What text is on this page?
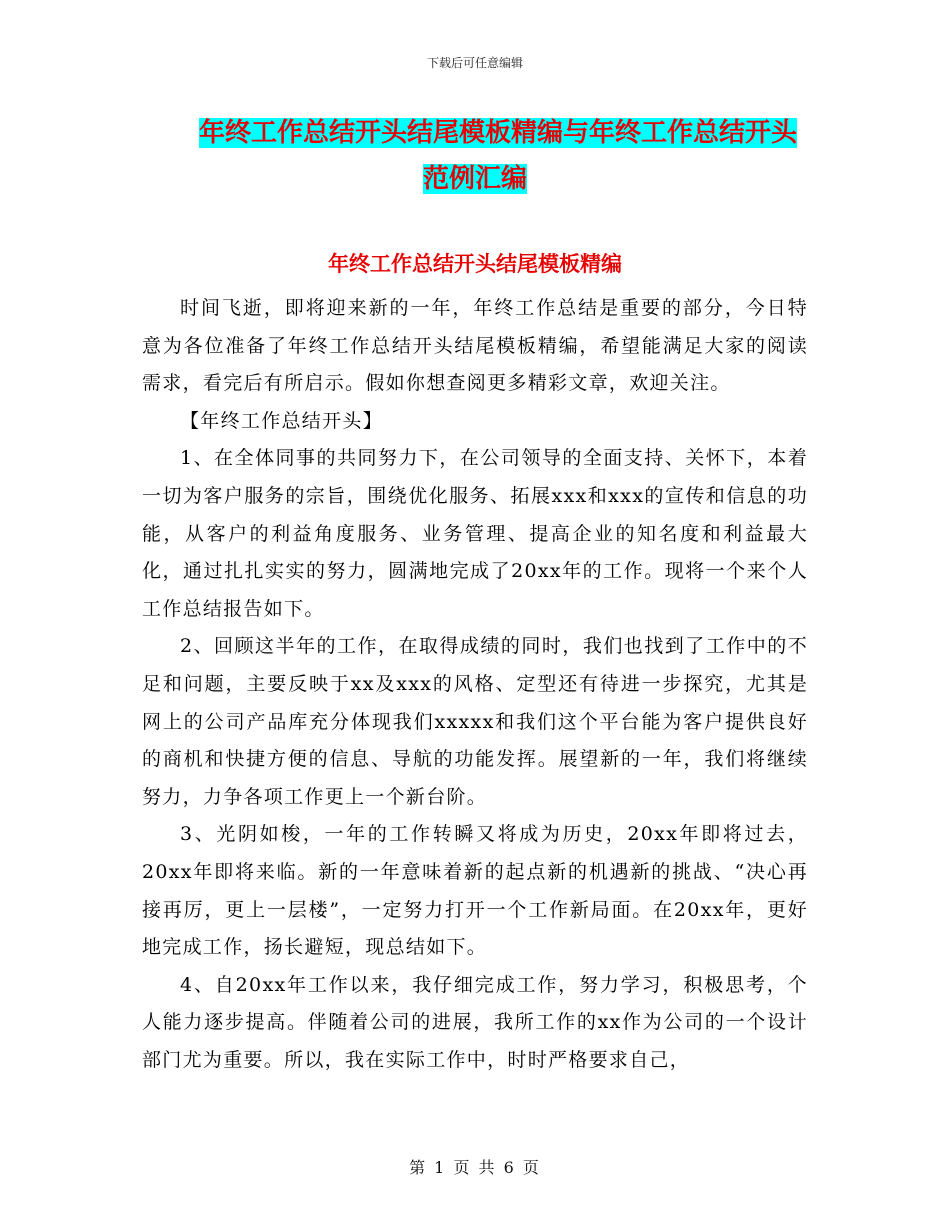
下载后可任意编辑
年终工作总结开头结尾模板精编与年终工作总结开头
范例汇编
年终工作总结开头结尾模板精编

时间飞逝，即将迎来新的一年，年终工作总结是重要的部分，今日特意为各位准备了年终工作总结开头结尾模板精编，希望能满足大家的阅读需求，看完后有所启示。假如你想查阅更多精彩文章，欢迎关注。

【年终工作总结开头】

1、在全体同事的共同努力下，在公司领导的全面支持、关怀下，本着一切为客户服务的宗旨，围绕优化服务、拓展xxx和xxx的宣传和信息的功能，从客户的利益角度服务、业务管理、提高企业的知名度和利益最大化，通过扎扎实实的努力，圆满地完成了20xx年的工作。现将一个来个人工作总结报告如下。

2、回顾这半年的工作，在取得成绩的同时，我们也找到了工作中的不足和问题，主要反映于xx及xxx的风格、定型还有待进一步探究，尤其是网上的公司产品库充分体现我们xxxxx和我们这个平台能为客户提供良好的商机和快捷方便的信息、导航的功能发挥。展望新的一年，我们将继续努力，力争各项工作更上一个新台阶。

3、光阴如梭，一年的工作转瞬又将成为历史，20xx年即将过去，20xx年即将来临。新的一年意味着新的起点新的机遇新的挑战、“决心再接再厉，更上一层楼”，一定努力打开一个工作新局面。在20xx年，更好地完成工作，扬长避短，现总结如下。

4、自20xx年工作以来，我仔细完成工作，努力学习，积极思考，个人能力逐步提高。伴随着公司的进展，我所工作的xx作为公司的一个设计部门尤为重要。所以，我在实际工作中，时时严格要求自己，

第 1 页 共 6 页
